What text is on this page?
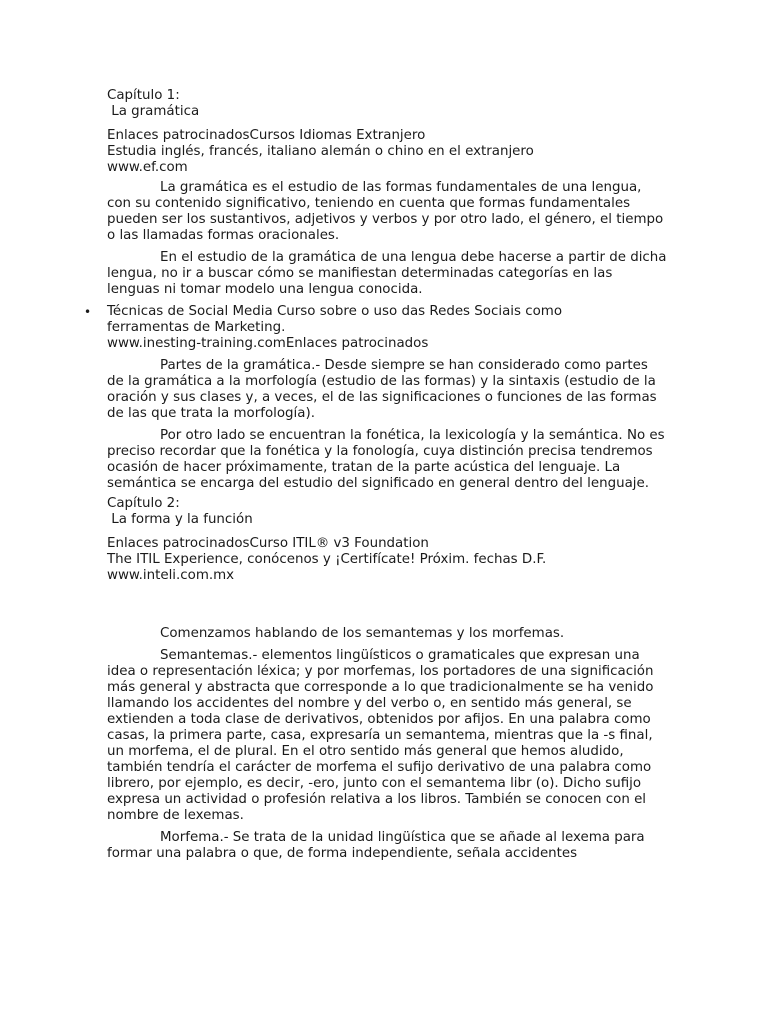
Capítulo 1:
La gramática
Enlaces patrocinadosCursos Idiomas Extranjero
Estudia inglés, francés, italiano alemán o chino en el extranjero
www.ef.com

La gramática es el estudio de las formas fundamentales de una lengua, con su contenido significativo, teniendo en cuenta que formas fundamentales pueden ser los sustantivos, adjetivos y verbos y por otro lado, el género, el tiempo o las llamadas formas oracionales.

En el estudio de la gramática de una lengua debe hacerse a partir de dicha lengua, no ir a buscar cómo se manifiestan determinadas categorías en las lenguas ni tomar modelo una lengua conocida.

• Técnicas de Social Media Curso sobre o uso das Redes Sociais como
ferramentas de Marketing.
www.inesting-training.comEnlaces patrocinados

Partes de la gramática.- Desde siempre se han considerado como partes de la gramática a la morfología (estudio de las formas) y la sintaxis (estudio de la oración y sus clases y, a veces, el de las significaciones o funciones de las formas de las que trata la morfología).

Por otro lado se encuentran la fonética, la lexicología y la semántica. No es preciso recordar que la fonética y la fonología, cuya distinción precisa tendremos ocasión de hacer próximamente, tratan de la parte acústica del lenguaje. La semántica se encarga del estudio del significado en general dentro del lenguaje.

Capítulo 2:
La forma y la función
Enlaces patrocinadosCurso ITIL® v3 Foundation
The ITIL Experience, conócenos y ¡Certifícate! Próxim. fechas D.F.
www.inteli.com.mx

Comenzamos hablando de los semantemas y los morfemas.

Semantemas.- elementos lingüísticos o gramaticales que expresan una idea o representación léxica; y por morfemas, los portadores de una significación más general y abstracta que corresponde a lo que tradicionalmente se ha venido llamando los accidentes del nombre y del verbo o, en sentido más general, se extienden a toda clase de derivativos, obtenidos por afijos. En una palabra como casas, la primera parte, casa, expresaría un semantema, mientras que la -s final, un morfema, el de plural. En el otro sentido más general que hemos aludido, también tendría el carácter de morfema el sufijo derivativo de una palabra como librero, por ejemplo, es decir, -ero, junto con el semantema libr (o). Dicho sufijo expresa un actividad o profesión relativa a los libros. También se conocen con el nombre de lexemas.

Morfema.- Se trata de la unidad lingüística que se añade al lexema para formar una palabra o que, de forma independiente, señala accidentes
